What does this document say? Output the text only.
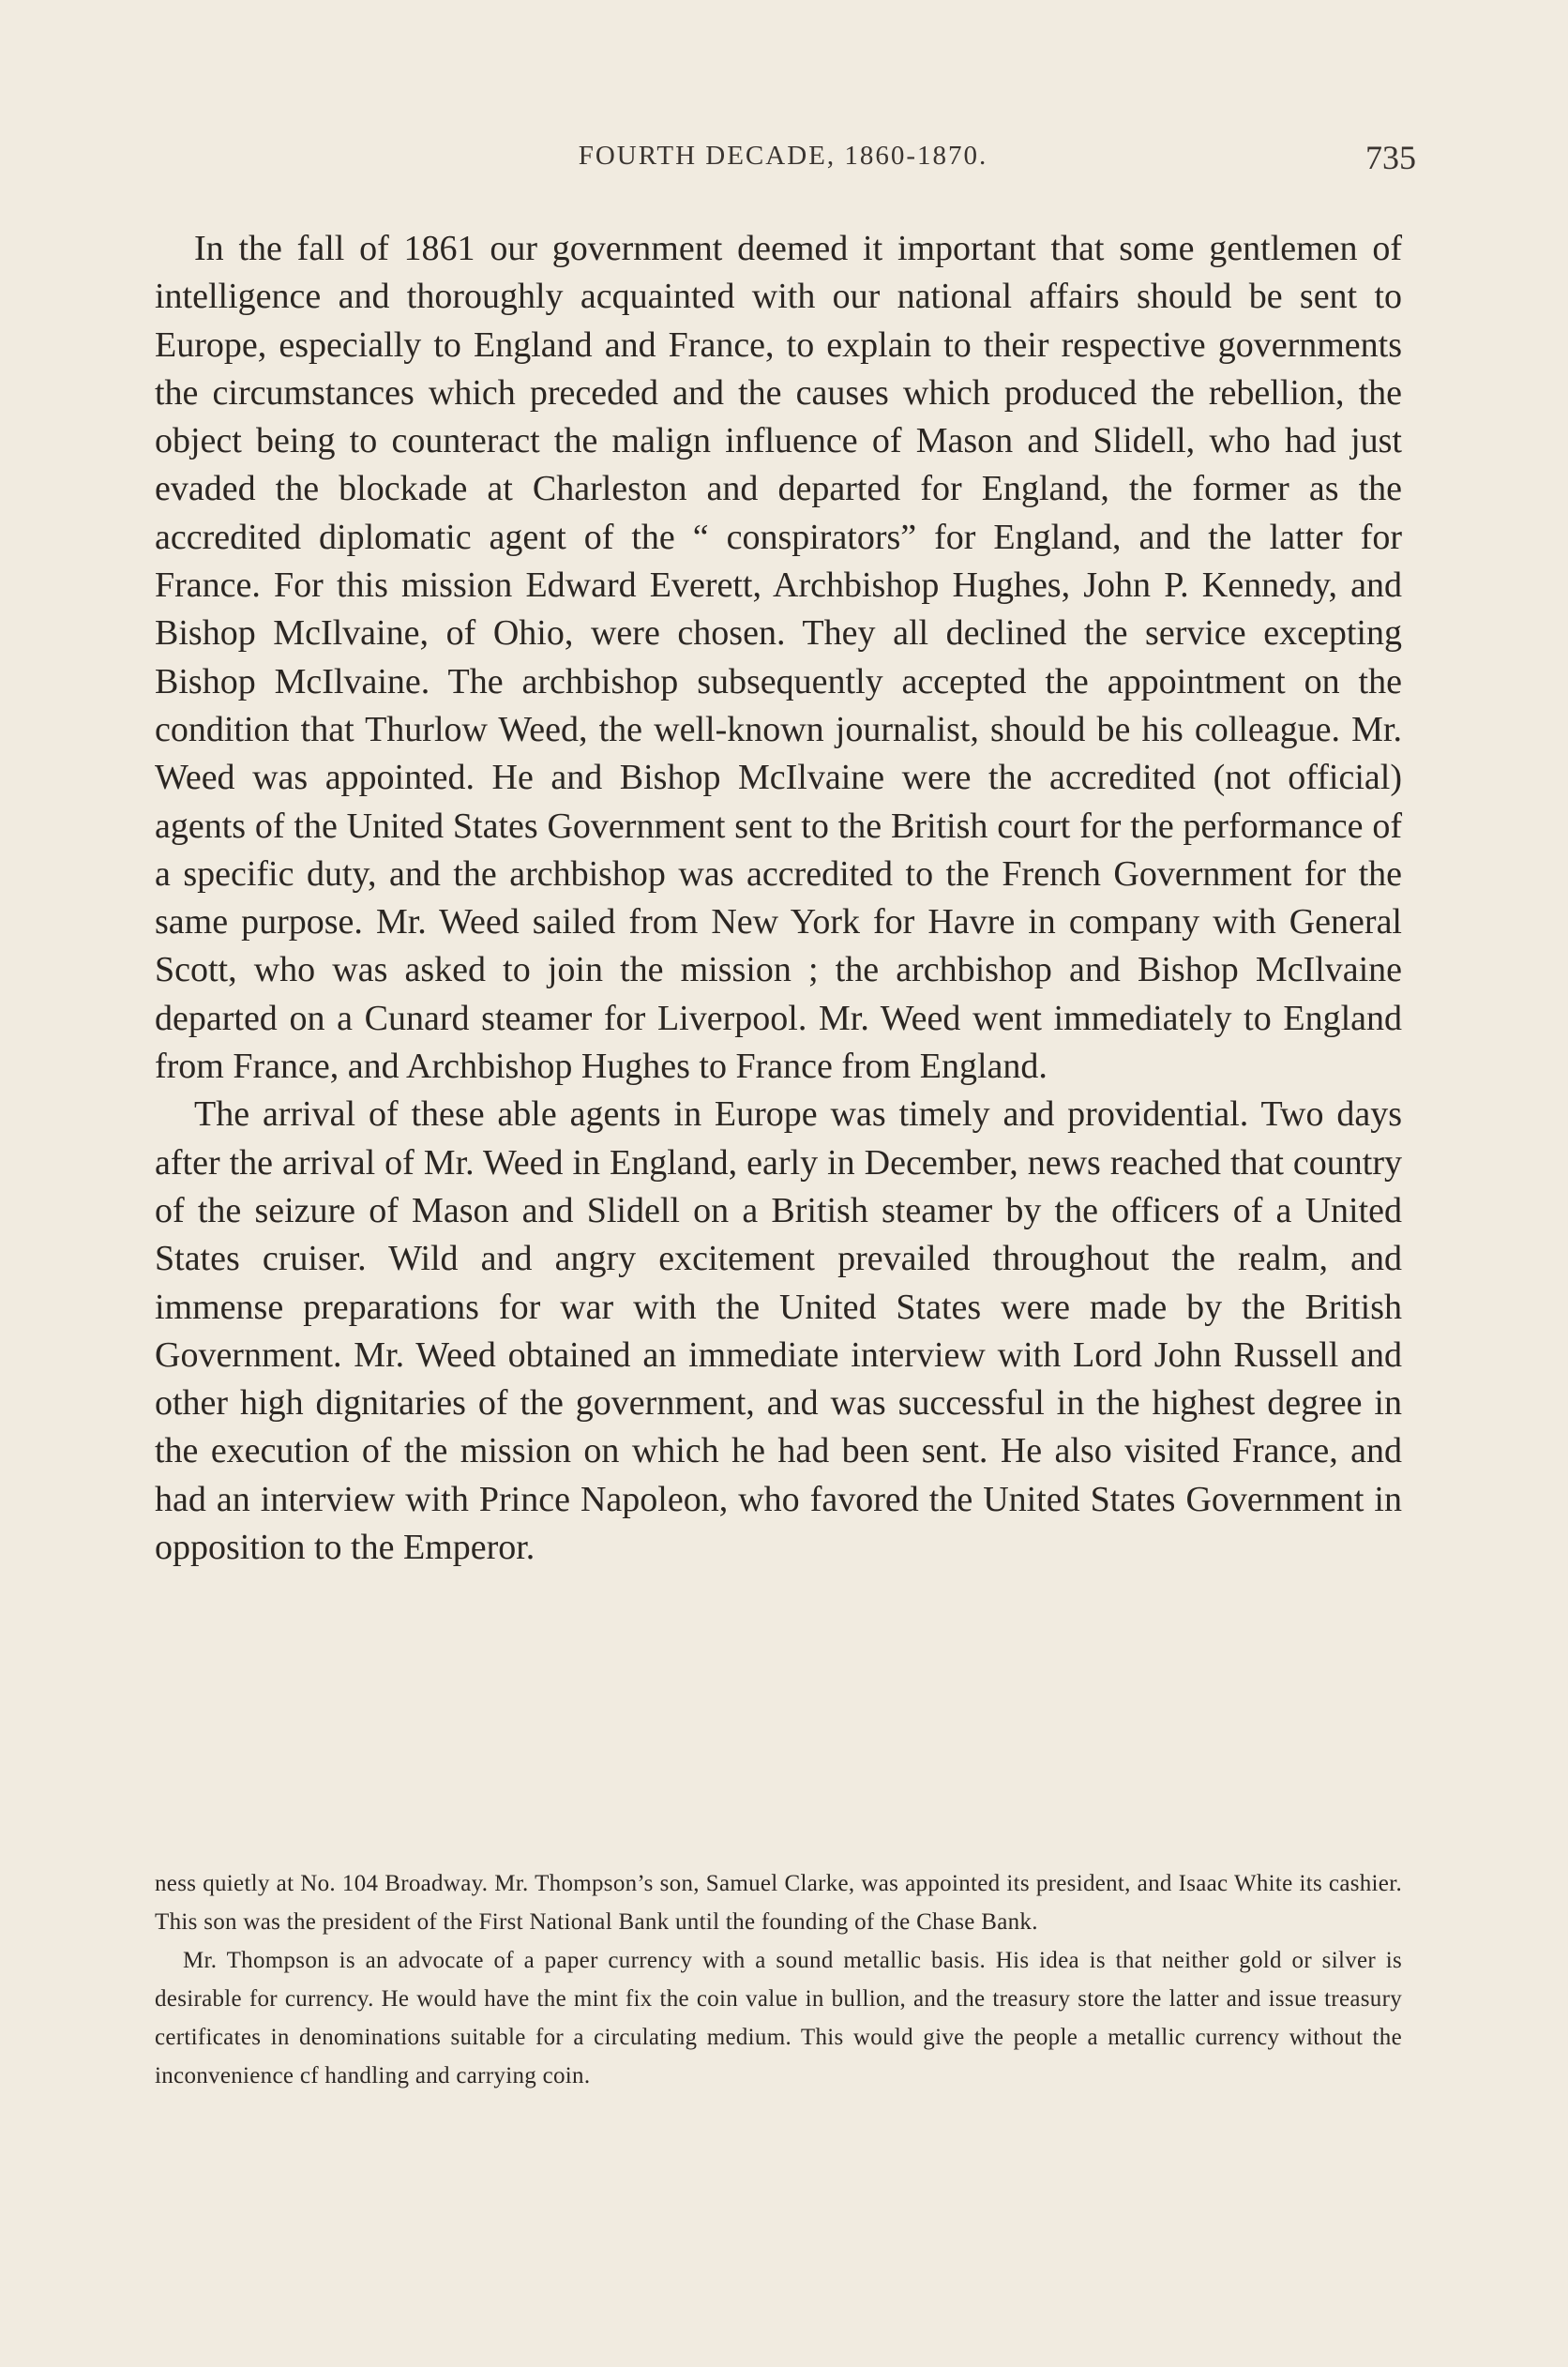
FOURTH DECADE, 1860-1870.	735

In the fall of 1861 our government deemed it important that some gentlemen of intelligence and thoroughly acquainted with our national affairs should be sent to Europe, especially to England and France, to explain to their respective governments the circumstances which preceded and the causes which produced the rebellion, the object being to counteract the malign influence of Mason and Slidell, who had just evaded the blockade at Charleston and departed for England, the former as the accredited diplomatic agent of the “ conspirators” for England, and the latter for France. For this mission Edward Everett, Archbishop Hughes, John P. Kennedy, and Bishop McIlvaine, of Ohio, were chosen. They all declined the service excepting Bishop McIlvaine. The archbishop subsequently accepted the appointment on the condition that Thurlow Weed, the well-known journalist, should be his colleague. Mr. Weed was appointed. He and Bishop McIlvaine were the accredited (not official) agents of the United States Government sent to the British court for the performance of a specific duty, and the archbishop was accredited to the French Government for the same purpose. Mr. Weed sailed from New York for Havre in company with General Scott, who was asked to join the mission ; the archbishop and Bishop McIlvaine departed on a Cunard steamer for Liverpool. Mr. Weed went immediately to England from France, and Archbishop Hughes to France from England.

The arrival of these able agents in Europe was timely and providential. Two days after the arrival of Mr. Weed in England, early in December, news reached that country of the seizure of Mason and Slidell on a British steamer by the officers of a United States cruiser. Wild and angry excitement prevailed throughout the realm, and immense preparations for war with the United States were made by the British Government. Mr. Weed obtained an immediate interview with Lord John Russell and other high dignitaries of the government, and was successful in the highest degree in the execution of the mission on which he had been sent. He also visited France, and had an interview with Prince Napoleon, who favored the United States Government in opposition to the Emperor.

ness quietly at No. 104 Broadway. Mr. Thompson’s son, Samuel Clarke, was appointed its president, and Isaac White its cashier. This son was the president of the First National Bank until the founding of the Chase Bank.

Mr. Thompson is an advocate of a paper currency with a sound metallic basis. His idea is that neither gold or silver is desirable for currency. He would have the mint fix the coin value in bullion, and the treasury store the latter and issue treasury certificates in denominations suitable for a circulating medium. This would give the people a metallic currency without the inconvenience cf handling and carrying coin.
